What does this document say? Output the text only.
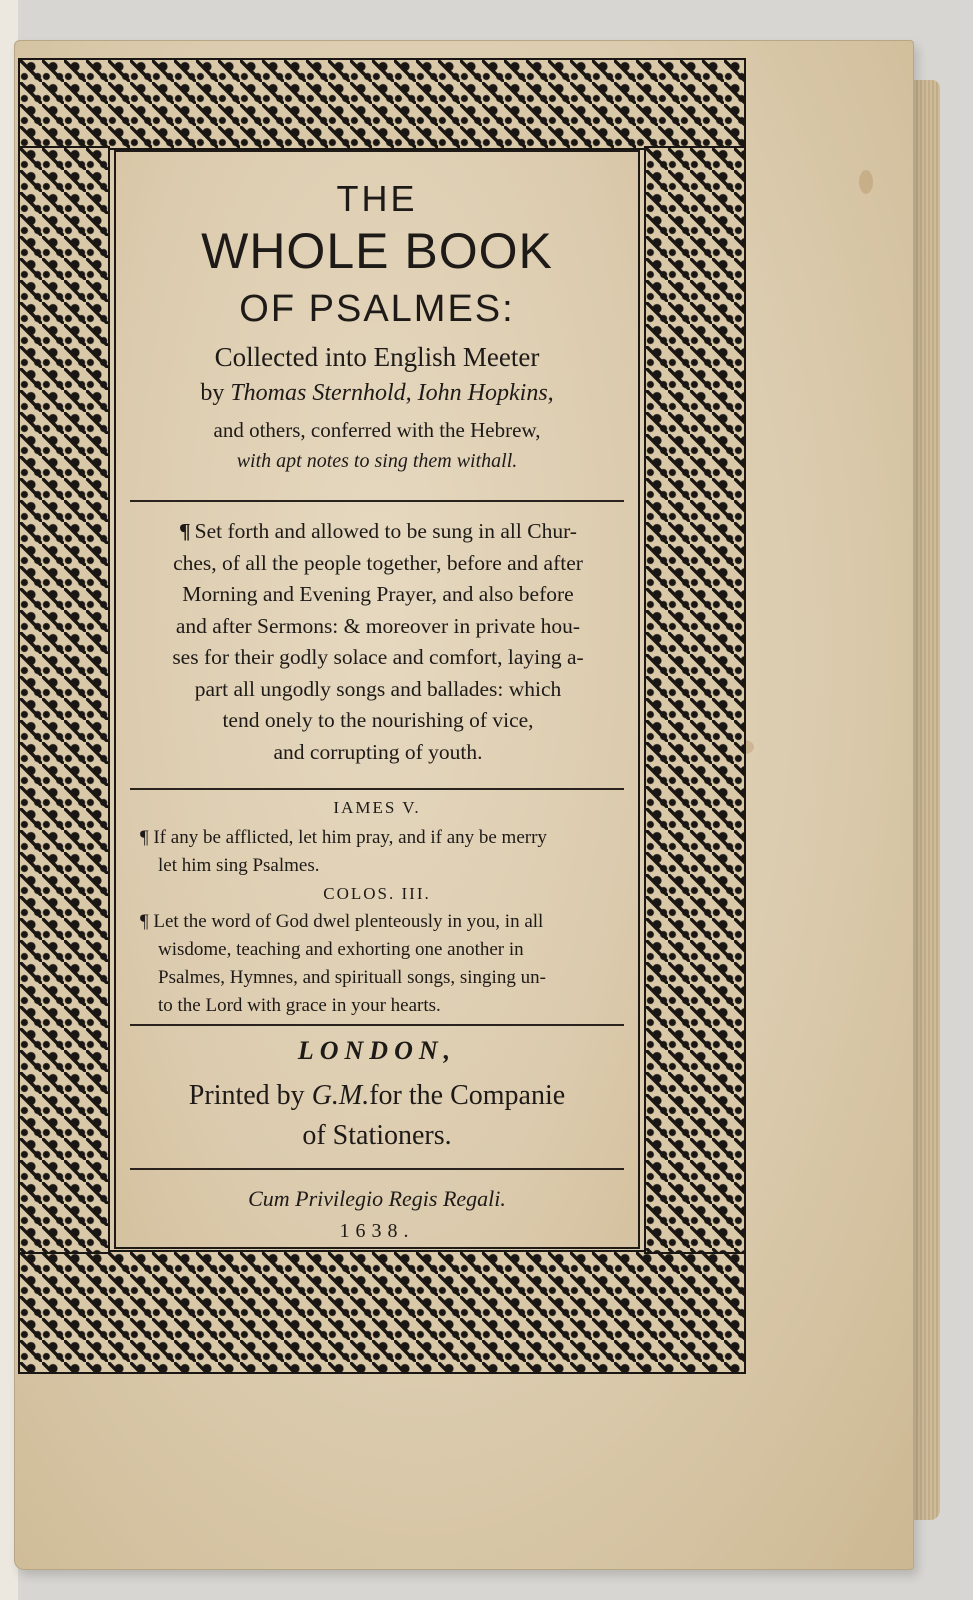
THE
WHOLE BOOK
OF PSALMES:
Collected into English Meeter
by Thomas Sternhold, Iohn Hopkins,
and others, conferred with the Hebrew,
with apt notes to sing them withall.
¶ Set forth and allowed to be sung in all Chur-
ches, of all the people together, before and after
Morning and Evening Prayer, and also before
and after Sermons: & moreover in private hou-
ses for their godly solace and comfort, laying a-
part all ungodly songs and ballades: which
tend onely to the nourishing of vice,
and corrupting of youth.
IAMES V.
¶ If any be afflicted, let him pray, and if any be merry
let him sing Psalmes.
COLOS. III.
¶ Let the word of God dwel plenteously in you, in all
wisdome, teaching and exhorting one another in
Psalmes, Hymnes, and spirituall songs, singing un-
to the Lord with grace in your hearts.
LONDON,
Printed by G.M.for the Companie
of Stationers.
Cum Privilegio Regis Regali.
1638.
